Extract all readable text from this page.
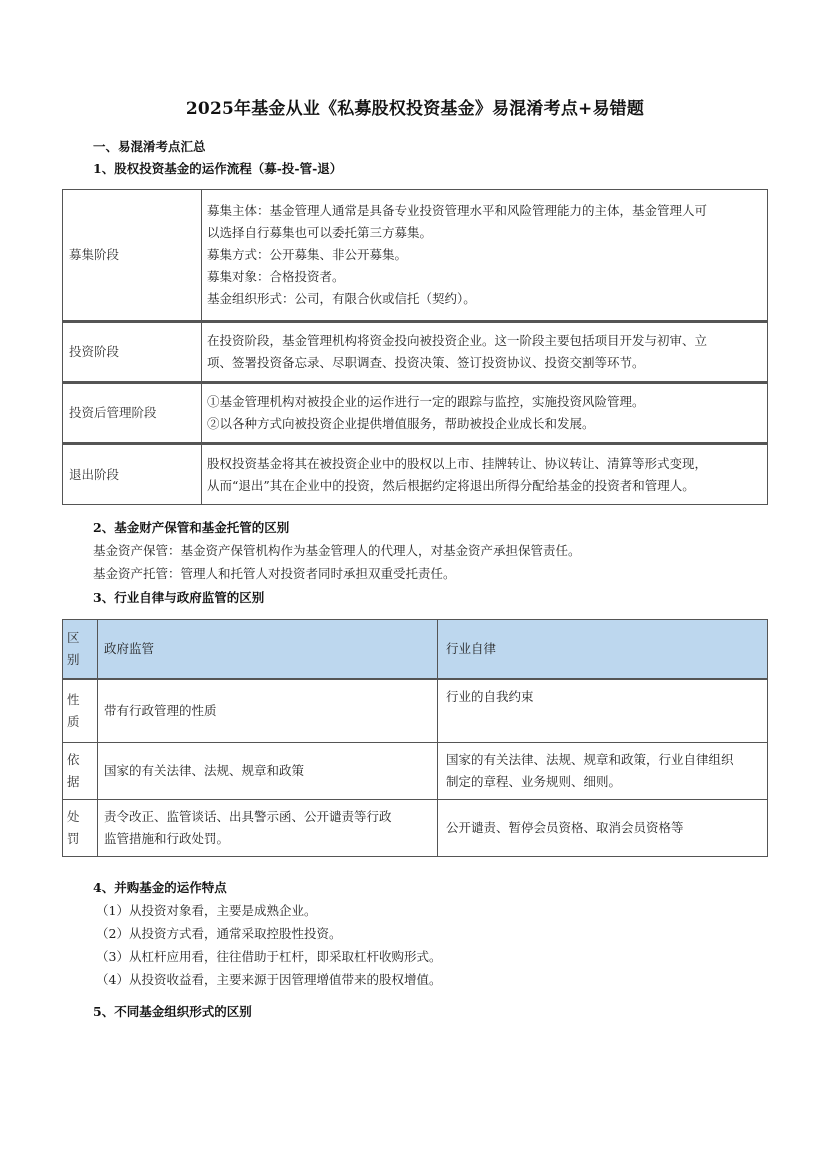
2025年基金从业《私募股权投资基金》易混淆考点+易错题
一、易混淆考点汇总
1、股权投资基金的运作流程（募-投-管-退）
募集阶段	募集主体：基金管理人通常是具备专业投资管理水平和风险管理能力的主体，基金管理人可
以选择自行募集也可以委托第三方募集。
募集方式：公开募集、非公开募集。
募集对象：合格投资者。
基金组织形式：公司，有限合伙或信托（契约）。

投资阶段	在投资阶段，基金管理机构将资金投向被投资企业。这一阶段主要包括项目开发与初审、立
项、签署投资备忘录、尽职调查、投资决策、签订投资协议、投资交割等环节。

投资后管理阶段	①基金管理机构对被投企业的运作进行一定的跟踪与监控，实施投资风险管理。
②以各种方式向被投资企业提供增值服务，帮助被投企业成长和发展。

退出阶段	股权投资基金将其在被投资企业中的股权以上市、挂牌转让、协议转让、清算等形式变现，
从而“退出”其在企业中的投资，然后根据约定将退出所得分配给基金的投资者和管理人。
2、基金财产保管和基金托管的区别
基金资产保管：基金资产保管机构作为基金管理人的代理人，对基金资产承担保管责任。
基金资产托管：管理人和托管人对投资者同时承担双重受托责任。
3、行业自律与政府监管的区别
区
别	政府监管	行业自律

性
质	带有行政管理的性质	行业的自我约束

依
据	国家的有关法律、法规、规章和政策	国家的有关法律、法规、规章和政策，行业自律组织
制定的章程、业务规则、细则。

处
罚	责令改正、监管谈话、出具警示函、公开谴责等行政
监管措施和行政处罚。	公开谴责、暂停会员资格、取消会员资格等
4、并购基金的运作特点
（1）从投资对象看，主要是成熟企业。
（2）从投资方式看，通常采取控股性投资。
（3）从杠杆应用看，往往借助于杠杆，即采取杠杆收购形式。
（4）从投资收益看，主要来源于因管理增值带来的股权增值。
5、不同基金组织形式的区别
